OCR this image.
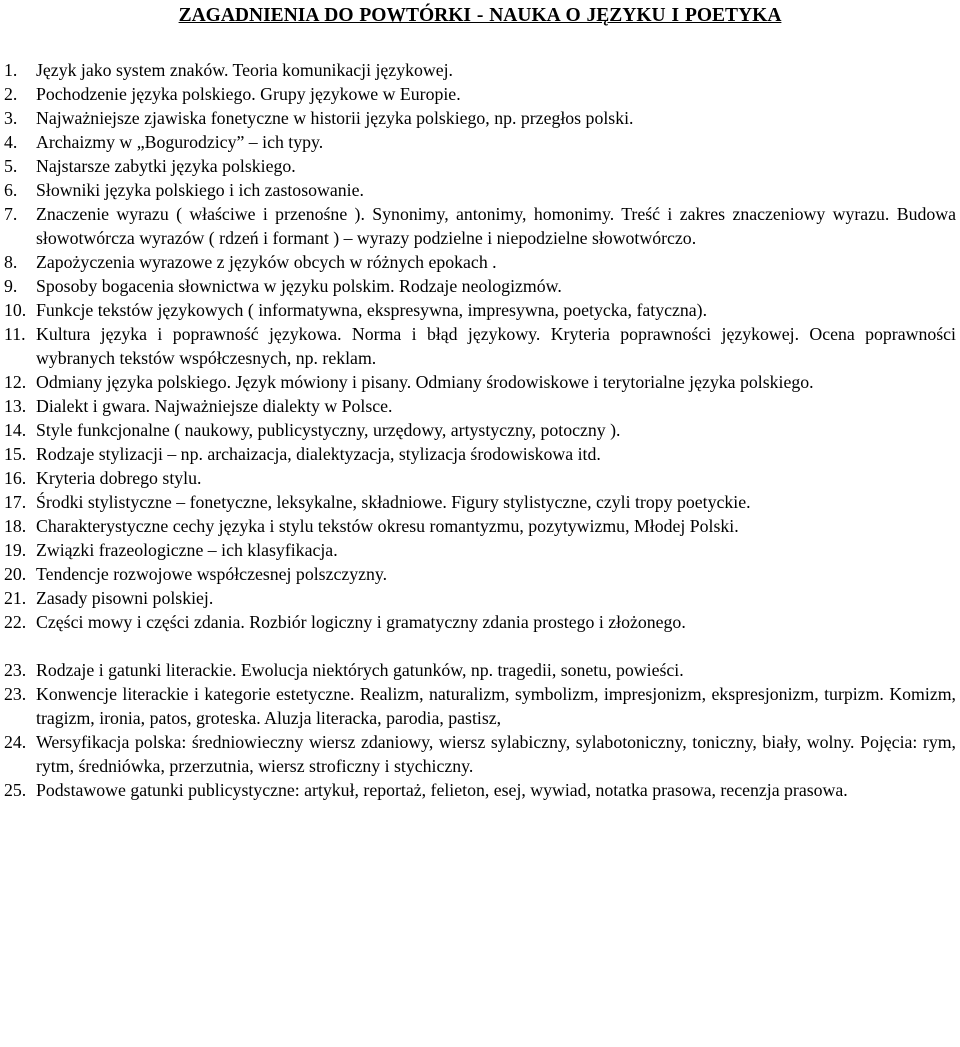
ZAGADNIENIA DO POWTÓRKI - NAUKA O JĘZYKU I POETYKA
1.	Język jako system znaków. Teoria komunikacji językowej.
2.	Pochodzenie języka polskiego. Grupy językowe w Europie.
3.	Najważniejsze zjawiska fonetyczne w historii języka polskiego, np. przegłos polski.
4.	Archaizmy w „Bogurodzicy” – ich typy.
5.	Najstarsze zabytki języka polskiego.
6.	Słowniki języka polskiego i ich zastosowanie.
7.	Znaczenie wyrazu ( właściwe i przenośne ). Synonimy, antonimy, homonimy. Treść i zakres znaczeniowy wyrazu. Budowa słowotwórcza wyrazów ( rdzeń i formant ) – wyrazy podzielne i niepodzielne słowotwórczo.
8.	Zapożyczenia wyrazowe z języków obcych w różnych epokach .
9.	Sposoby bogacenia słownictwa w języku polskim. Rodzaje neologizmów.
10. Funkcje tekstów językowych ( informatywna, ekspresywna, impresywna, poetycka, fatyczna).
11. Kultura języka i poprawność językowa. Norma i błąd językowy. Kryteria poprawności językowej. Ocena poprawności wybranych tekstów współczesnych, np. reklam.
12. Odmiany języka polskiego. Język mówiony i pisany. Odmiany środowiskowe i terytorialne języka polskiego.
13. Dialekt i gwara. Najważniejsze dialekty w Polsce.
14. Style funkcjonalne ( naukowy, publicystyczny, urzędowy, artystyczny, potoczny ).
15. Rodzaje stylizacji – np. archaizacja, dialektyzacja, stylizacja środowiskowa itd.
16. Kryteria dobrego stylu.
17. Środki stylistyczne – fonetyczne, leksykalne, składniowe. Figury stylistyczne, czyli tropy poetyckie.
18. Charakterystyczne cechy języka i stylu tekstów okresu romantyzmu, pozytywizmu, Młodej Polski.
19. Związki frazeologiczne – ich klasyfikacja.
20. Tendencje rozwojowe współczesnej polszczyzny.
21. Zasady pisowni polskiej.
22. Części mowy i części zdania. Rozbiór logiczny i gramatyczny zdania prostego i złożonego.
23. Rodzaje i gatunki literackie. Ewolucja niektórych gatunków, np. tragedii, sonetu, powieści.
23. Konwencje literackie i kategorie estetyczne. Realizm, naturalizm, symbolizm, impresjonizm, ekspresjonizm, turpizm. Komizm, tragizm, ironia, patos, groteska. Aluzja literacka, parodia, pastisz,
24. Wersyfikacja polska: średniowieczny wiersz zdaniowy, wiersz sylabiczny, sylabotoniczny, toniczny, biały, wolny. Pojęcia: rym, rytm, średniówka, przerzutnia, wiersz stroficzny i stychiczny.
25. Podstawowe gatunki publicystyczne: artykuł, reportaż, felieton, esej, wywiad, notatka prasowa, recenzja prasowa.
